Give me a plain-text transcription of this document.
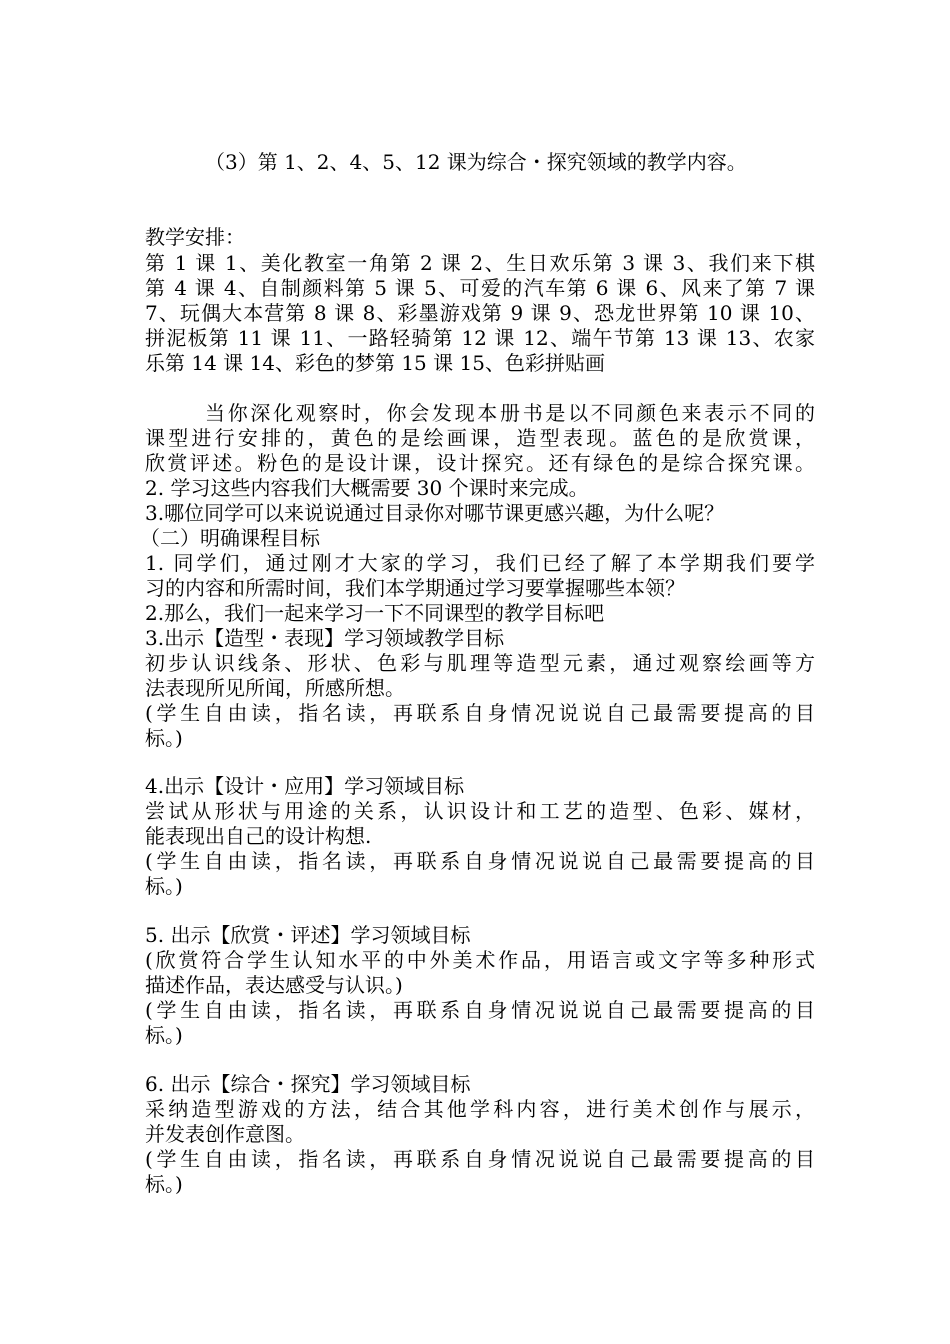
（3）第 1、2、4、5、12 课为综合・探究领域的教学内容。
教学安排：
第 1 课 1、美化教室一角第 2 课 2、生日欢乐第 3 课 3、我们来下棋
第 4 课 4、自制颜料第 5 课 5、可爱的汽车第 6 课 6、风来了第 7 课
7、玩偶大本营第 8 课 8、彩墨游戏第 9 课 9、恐龙世界第 10 课 10、
拼泥板第 11 课 11、一路轻骑第 12 课 12、端午节第 13 课 13、农家
乐第 14 课 14、彩色的梦第 15 课 15、色彩拼贴画
当你深化观察时，你会发现本册书是以不同颜色来表示不同的
课型进行安排的，黄色的是绘画课，造型表现。蓝色的是欣赏课，
欣赏评述。粉色的是设计课，设计探究。还有绿色的是综合探究课。
2. 学习这些内容我们大概需要 30 个课时来完成。
3.哪位同学可以来说说通过目录你对哪节课更感兴趣，为什么呢？
（二）明确课程目标
1. 同学们，通过刚才大家的学习，我们已经了解了本学期我们要学
习的内容和所需时间，我们本学期通过学习要掌握哪些本领？
2.那么，我们一起来学习一下不同课型的教学目标吧
3.出示【造型・表现】学习领域教学目标
初步认识线条、形状、色彩与肌理等造型元素，通过观察绘画等方
法表现所见所闻，所感所想。
(学生自由读，指名读，再联系自身情况说说自己最需要提高的目
标。)
4.出示【设计・应用】学习领域目标
尝试从形状与用途的关系，认识设计和工艺的造型、色彩、媒材，
能表现出自己的设计构想.
(学生自由读，指名读，再联系自身情况说说自己最需要提高的目
标。)
5. 出示【欣赏・评述】学习领域目标
(欣赏符合学生认知水平的中外美术作品，用语言或文字等多种形式
描述作品，表达感受与认识。)
(学生自由读，指名读，再联系自身情况说说自己最需要提高的目
标。)
6. 出示【综合・探究】学习领域目标
采纳造型游戏的方法，结合其他学科内容，进行美术创作与展示，
并发表创作意图。
(学生自由读，指名读，再联系自身情况说说自己最需要提高的目
标。)
